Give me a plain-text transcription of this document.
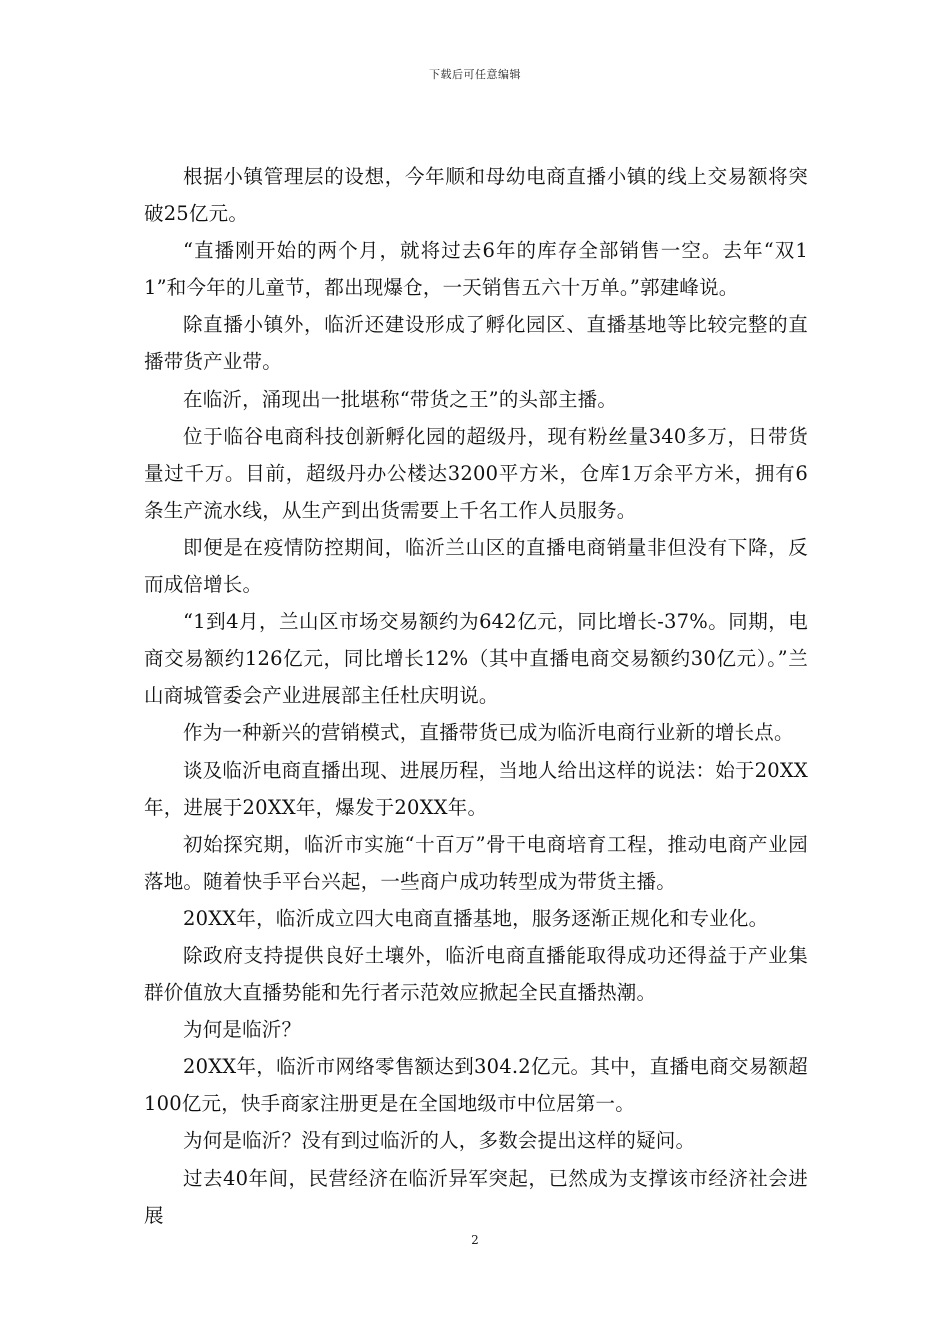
下载后可任意编辑

根据小镇管理层的设想，今年顺和母幼电商直播小镇的线上交易额将突破25亿元。

“直播刚开始的两个月，就将过去6年的库存全部销售一空。去年“双11”和今年的儿童节，都出现爆仓，一天销售五六十万单。”郭建峰说。

除直播小镇外，临沂还建设形成了孵化园区、直播基地等比较完整的直播带货产业带。

在临沂，涌现出一批堪称“带货之王”的头部主播。

位于临谷电商科技创新孵化园的超级丹，现有粉丝量340多万，日带货量过千万。目前，超级丹办公楼达3200平方米，仓库1万余平方米，拥有6条生产流水线，从生产到出货需要上千名工作人员服务。

即便是在疫情防控期间，临沂兰山区的直播电商销量非但没有下降，反而成倍增长。

“1到4月，兰山区市场交易额约为642亿元，同比增长-37%。同期，电商交易额约126亿元，同比增长12%（其中直播电商交易额约30亿元）。”兰山商城管委会产业进展部主任杜庆明说。

作为一种新兴的营销模式，直播带货已成为临沂电商行业新的增长点。

谈及临沂电商直播出现、进展历程，当地人给出这样的说法：始于20XX年，进展于20XX年，爆发于20XX年。

初始探究期，临沂市实施“十百万”骨干电商培育工程，推动电商产业园落地。随着快手平台兴起，一些商户成功转型成为带货主播。

20XX年，临沂成立四大电商直播基地，服务逐渐正规化和专业化。

除政府支持提供良好土壤外，临沂电商直播能取得成功还得益于产业集群价值放大直播势能和先行者示范效应掀起全民直播热潮。

为何是临沂？

20XX年，临沂市网络零售额达到304.2亿元。其中，直播电商交易额超100亿元，快手商家注册更是在全国地级市中位居第一。

为何是临沂？没有到过临沂的人，多数会提出这样的疑问。

过去40年间，民营经济在临沂异军突起，已然成为支撑该市经济社会进展

2
